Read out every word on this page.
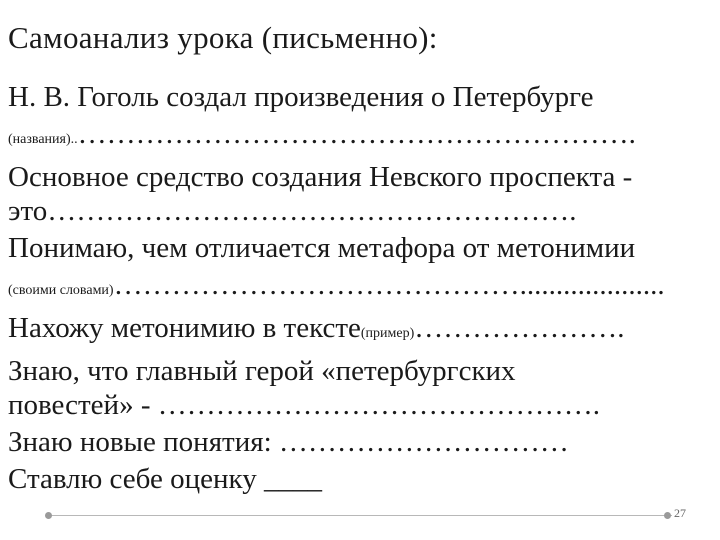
Самоанализ урока (письменно):
Н. В. Гоголь создал произведения о Петербурге
(названия)..………………………………………………….
Основное средство создания Невского проспекта -
это……………………………………………….
Понимаю, чем отличается метафора от метонимии
(своими словами)……………………………………....................
Нахожу метонимию в тексте(пример)………………….
Знаю, что главный герой «петербургских
повестей» - ……………………………………….
Знаю новые понятия: …………………………
Ставлю себе оценку ____
27
